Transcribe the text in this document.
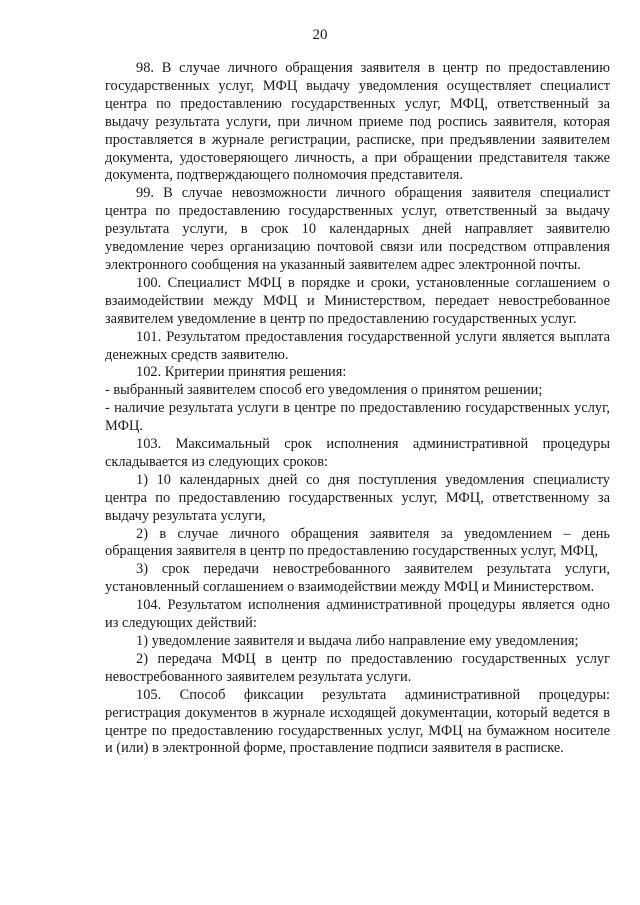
20

98. В случае личного обращения заявителя в центр по предоставлению государственных услуг, МФЦ выдачу уведомления осуществляет специалист центра по предоставлению государственных услуг, МФЦ, ответственный за выдачу результата услуги, при личном приеме под роспись заявителя, которая проставляется в журнале регистрации, расписке, при предъявлении заявителем документа, удостоверяющего личность, а при обращении представителя также документа, подтверждающего полномочия представителя.

99. В случае невозможности личного обращения заявителя специалист центра по предоставлению государственных услуг, ответственный за выдачу результата услуги, в срок 10 календарных дней направляет заявителю уведомление через организацию почтовой связи или посредством отправления электронного сообщения на указанный заявителем адрес электронной почты.

100. Специалист МФЦ в порядке и сроки, установленные соглашением о взаимодействии между МФЦ и Министерством, передает невостребованное заявителем уведомление в центр по предоставлению государственных услуг.

101. Результатом предоставления государственной услуги является выплата денежных средств заявителю.

102. Критерии принятия решения:

- выбранный заявителем способ его уведомления о принятом решении;

- наличие результата услуги в центре по предоставлению государственных услуг, МФЦ.

103. Максимальный срок исполнения административной процедуры складывается из следующих сроков:

1) 10 календарных дней со дня поступления уведомления специалисту центра по предоставлению государственных услуг, МФЦ, ответственному за выдачу результата услуги,

2) в случае личного обращения заявителя за уведомлением – день обращения заявителя в центр по предоставлению государственных услуг, МФЦ,

3) срок передачи невостребованного заявителем результата услуги, установленный соглашением о взаимодействии между МФЦ и Министерством.

104. Результатом исполнения административной процедуры является одно из следующих действий:

1) уведомление заявителя и выдача либо направление ему уведомления;

2) передача МФЦ в центр по предоставлению государственных услуг невостребованного заявителем результата услуги.

105. Способ фиксации результата административной процедуры: регистрация документов в журнале исходящей документации, который ведется в центре по предоставлению государственных услуг, МФЦ на бумажном носителе и (или) в электронной форме, проставление подписи заявителя в расписке.
